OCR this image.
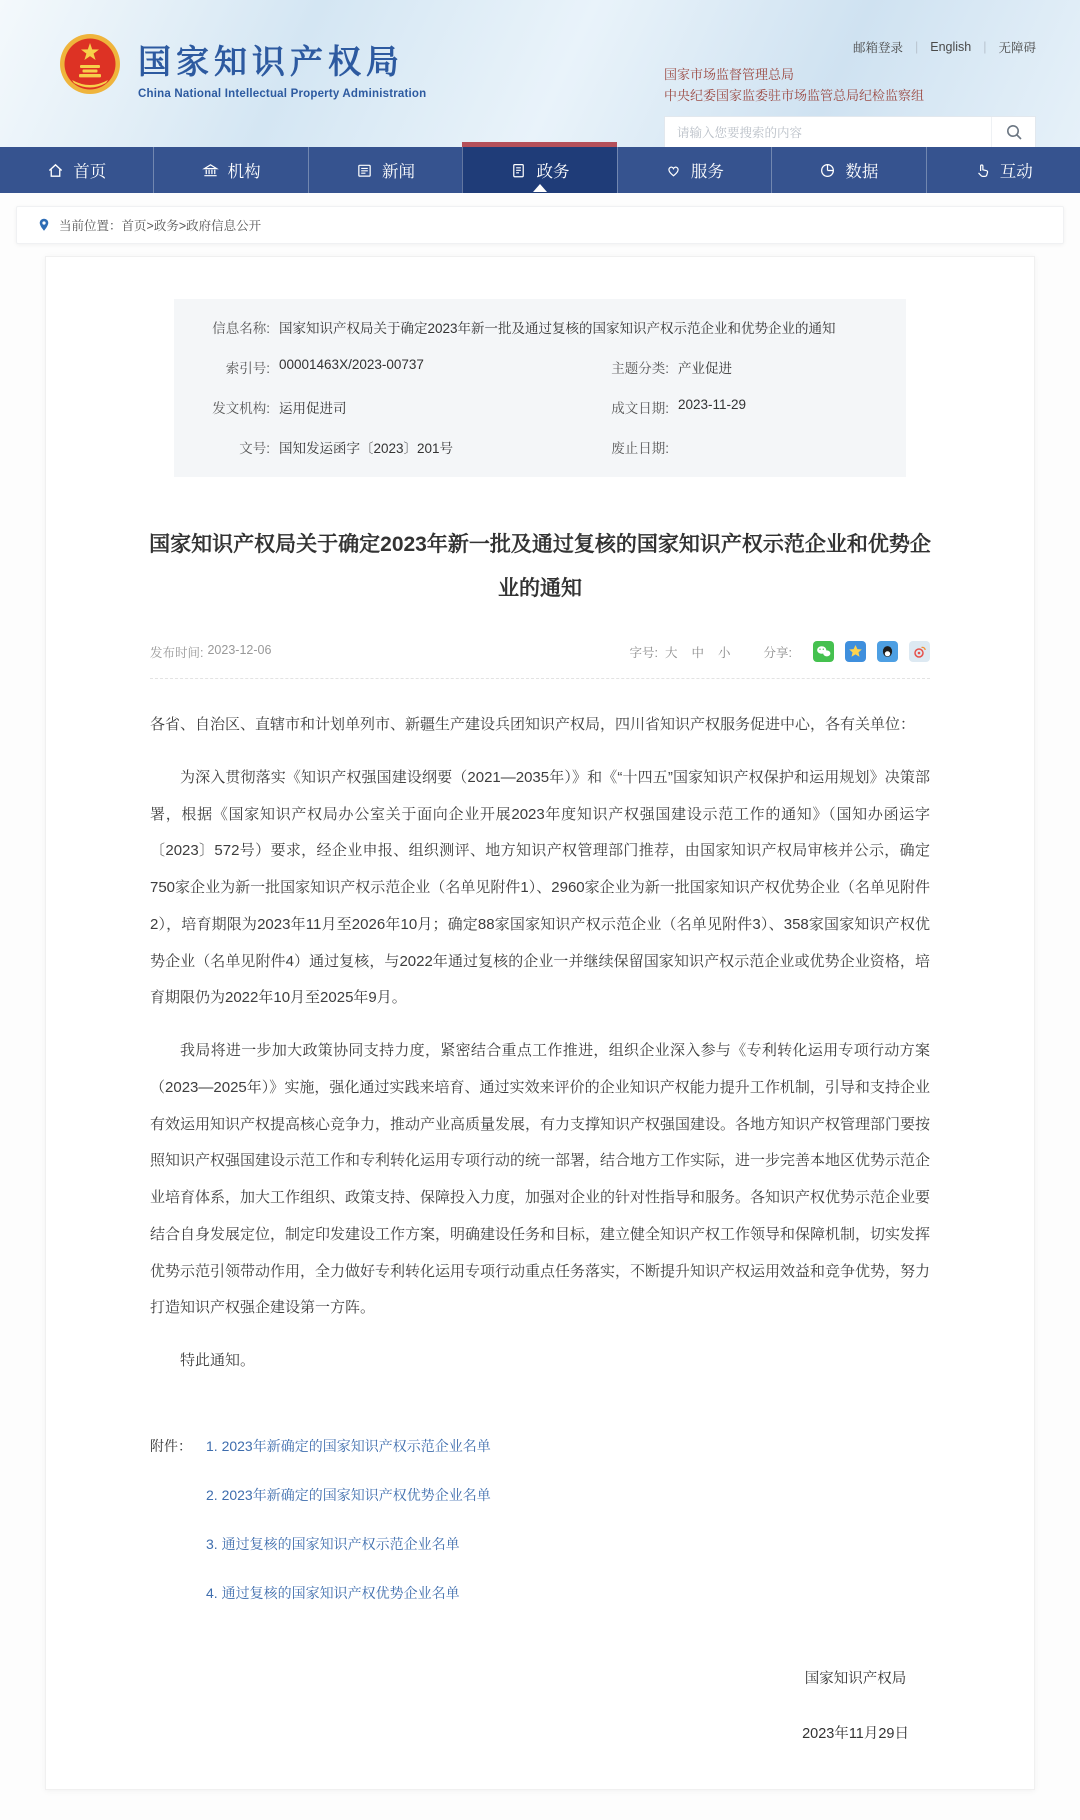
国家知识产权局
China National Intellectual Property Administration
邮箱登录 | English | 无障碍
国家市场监督管理总局
中央纪委国家监委驻市场监管总局纪检监察组
请输入您要搜索的内容
首页	机构	新闻	政务	服务	数据	互动
当前位置： 首页>政务>政府信息公开
信息名称: 国家知识产权局关于确定2023年新一批及通过复核的国家知识产权示范企业和优势企业的通知
索引号: 00001463X/2023-00737	主题分类: 产业促进
发文机构: 运用促进司	成文日期: 2023-11-29
文号: 国知发运函字〔2023〕201号	废止日期:
国家知识产权局关于确定2023年新一批及通过复核的国家知识产权示范企业和优势企业的通知
发布时间: 2023-12-06	字号: 大 中 小	分享:

各省、自治区、直辖市和计划单列市、新疆生产建设兵团知识产权局，四川省知识产权服务促进中心，各有关单位：

为深入贯彻落实《知识产权强国建设纲要（2021—2035年）》和《“十四五”国家知识产权保护和运用规划》决策部署，根据《国家知识产权局办公室关于面向企业开展2023年度知识产权强国建设示范工作的通知》（国知办函运字〔2023〕572号）要求，经企业申报、组织测评、地方知识产权管理部门推荐，由国家知识产权局审核并公示，确定750家企业为新一批国家知识产权示范企业（名单见附件1）、2960家企业为新一批国家知识产权优势企业（名单见附件2），培育期限为2023年11月至2026年10月；确定88家国家知识产权示范企业（名单见附件3）、358家国家知识产权优势企业（名单见附件4）通过复核，与2022年通过复核的企业一并继续保留国家知识产权示范企业或优势企业资格，培育期限仍为2022年10月至2025年9月。

我局将进一步加大政策协同支持力度，紧密结合重点工作推进，组织企业深入参与《专利转化运用专项行动方案（2023—2025年）》实施，强化通过实践来培育、通过实效来评价的企业知识产权能力提升工作机制，引导和支持企业有效运用知识产权提高核心竞争力，推动产业高质量发展，有力支撑知识产权强国建设。各地方知识产权管理部门要按照知识产权强国建设示范工作和专利转化运用专项行动的统一部署，结合地方工作实际，进一步完善本地区优势示范企业培育体系，加大工作组织、政策支持、保障投入力度，加强对企业的针对性指导和服务。各知识产权优势示范企业要结合自身发展定位，制定印发建设工作方案，明确建设任务和目标，建立健全知识产权工作领导和保障机制，切实发挥优势示范引领带动作用，全力做好专利转化运用专项行动重点任务落实，不断提升知识产权运用效益和竞争优势，努力打造知识产权强企建设第一方阵。

特此通知。

附件：	1. 2023年新确定的国家知识产权示范企业名单
2. 2023年新确定的国家知识产权优势企业名单
3. 通过复核的国家知识产权示范企业名单
4. 通过复核的国家知识产权优势企业名单
国家知识产权局
2023年11月29日
